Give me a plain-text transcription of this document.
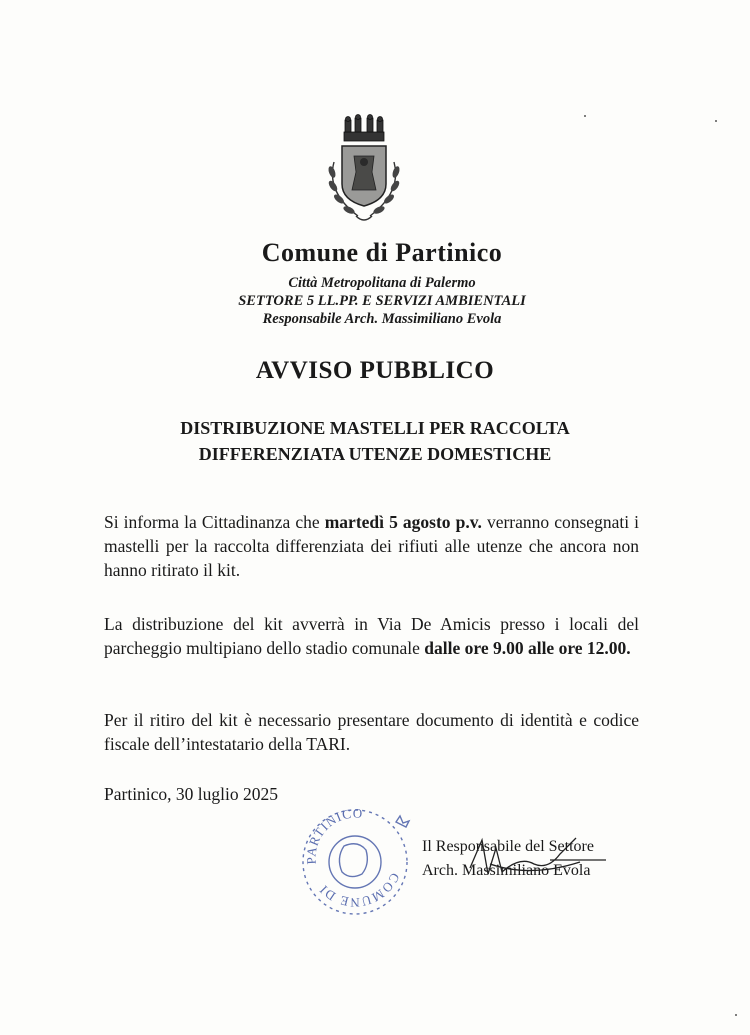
Comune di Partinico
Città Metropolitana di Palermo
SETTORE 5 LL.PP. E SERVIZI AMBIENTALI
Responsabile Arch. Massimiliano Evola
AVVISO PUBBLICO
DISTRIBUZIONE MASTELLI PER RACCOLTA
DIFFERENZIATA UTENZE DOMESTICHE
Si informa la Cittadinanza che martedì 5 agosto p.v. verranno consegnati i mastelli per la raccolta differenziata dei rifiuti alle utenze che ancora non hanno ritirato il kit.
La distribuzione del kit avverrà in Via De Amicis presso i locali del parcheggio multipiano dello stadio comunale dalle ore 9.00 alle ore 12.00.
Per il ritiro del kit è necessario presentare documento di identità e codice fiscale dell’intestatario della TARI.
Partinico, 30 luglio 2025
PARTINICO
COMUNE DI
Il Responsabile del Settore
Arch. Massimiliano Evola
